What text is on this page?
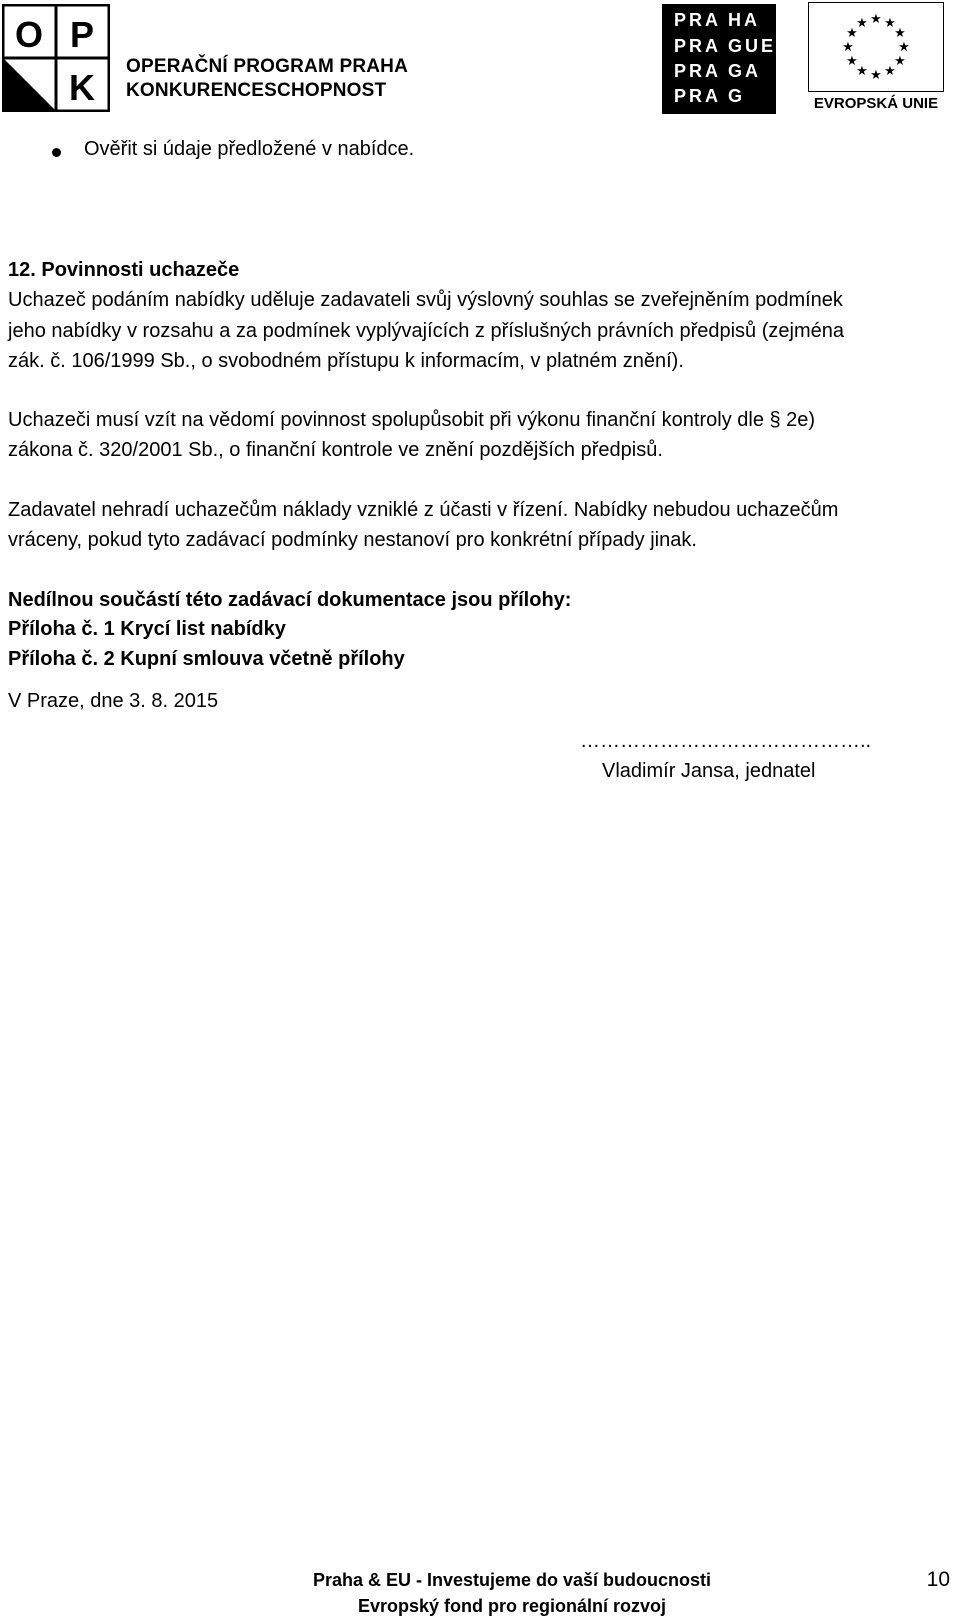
O P
K
OPERAČNÍ PROGRAM PRAHA
KONKURENCESCHOPNOST
PRA HA
PRA GUE
PRA GA
PRA G
★ ★
★
★
★
★
★
★
★
★
★
★
EVROPSKÁ UNIE
Ověřit si údaje předložené v nabídce.
12. Povinnosti uchazeče
Uchazeč podáním nabídky uděluje zadavateli svůj výslovný souhlas se zveřejněním podmínek
jeho nabídky v rozsahu a za podmínek vyplývajících z příslušných právních předpisů (zejména
zák. č. 106/1999 Sb., o svobodném přístupu k informacím, v platném znění).
Uchazeči musí vzít na vědomí povinnost spolupůsobit při výkonu finanční kontroly dle § 2e)
zákona č. 320/2001 Sb., o finanční kontrole ve znění pozdějších předpisů.
Zadavatel nehradí uchazečům náklady vzniklé z účasti v řízení. Nabídky nebudou uchazečům
vráceny, pokud tyto zadávací podmínky nestanoví pro konkrétní případy jinak.
Nedílnou součástí této zadávací dokumentace jsou přílohy:
Příloha č. 1 Krycí list nabídky
Příloha č. 2 Kupní smlouva včetně přílohy
V Praze, dne 3. 8. 2015
……………………………………..
Vladimír Jansa, jednatel
Praha & EU - Investujeme do vaší budoucnosti
Evropský fond pro regionální rozvoj
10
